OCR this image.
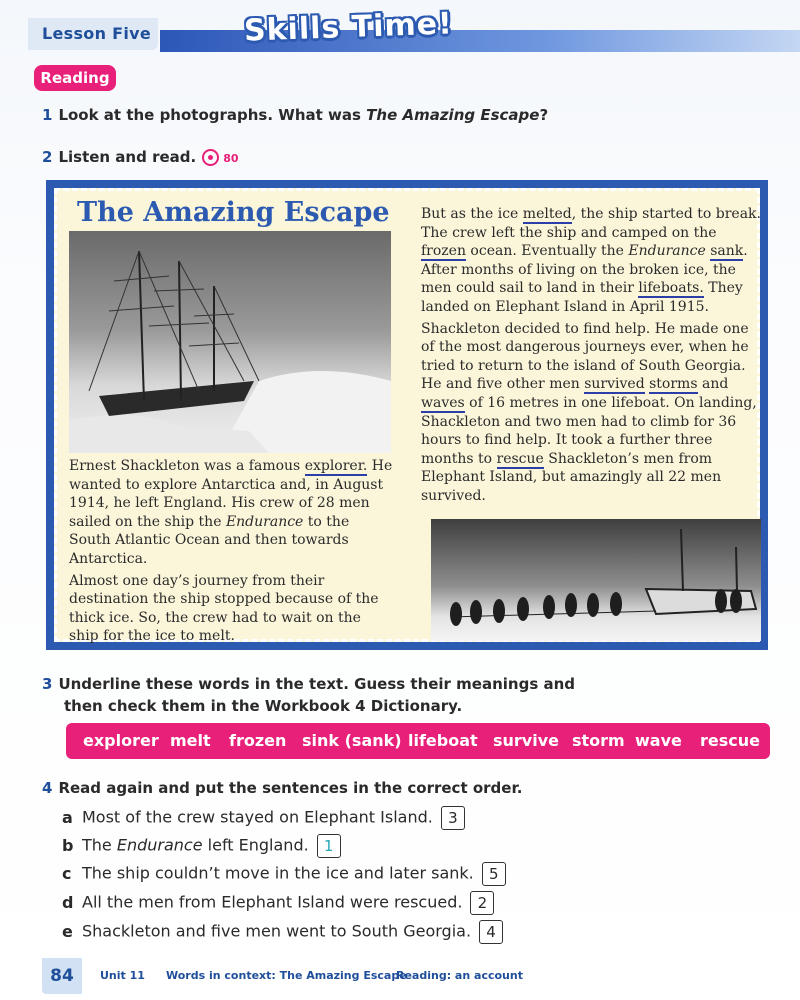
Lesson Five	Skills Time!
Reading
1 Look at the photographs. What was The Amazing Escape?
2 Listen and read. 80
The Amazing Escape

Ernest Shackleton was a famous explorer. He wanted to explore Antarctica and, in August 1914, he left England. His crew of 28 men sailed on the ship the Endurance to the South Atlantic Ocean and then towards Antarctica.

Almost one day’s journey from their destination the ship stopped because of the thick ice. So, the crew had to wait on the ship for the ice to melt.

But as the ice melted, the ship started to break. The crew left the ship and camped on the frozen ocean. Eventually the Endurance sank. After months of living on the broken ice, the men could sail to land in their lifeboats. They landed on Elephant Island in April 1915.

Shackleton decided to find help. He made one of the most dangerous journeys ever, when he tried to return to the island of South Georgia. He and five other men survived storms and waves of 16 metres in one lifeboat. On landing, Shackleton and two men had to climb for 36 hours to find help. It took a further three months to rescue Shackleton’s men from Elephant Island, but amazingly all 22 men survived.

3 Underline these words in the text. Guess their meanings and
then check them in the Workbook 4 Dictionary.
explorer melt frozen sink (sank) lifeboat survive storm wave rescue
4 Read again and put the sentences in the correct order.
a Most of the crew stayed on Elephant Island. 3
b The Endurance left England. 1
c The ship couldn’t move in the ice and later sank. 5
d All the men from Elephant Island were rescued. 2
e Shackleton and five men went to South Georgia. 4
84	Unit 11 Words in context: The Amazing Escape
Reading: an account
